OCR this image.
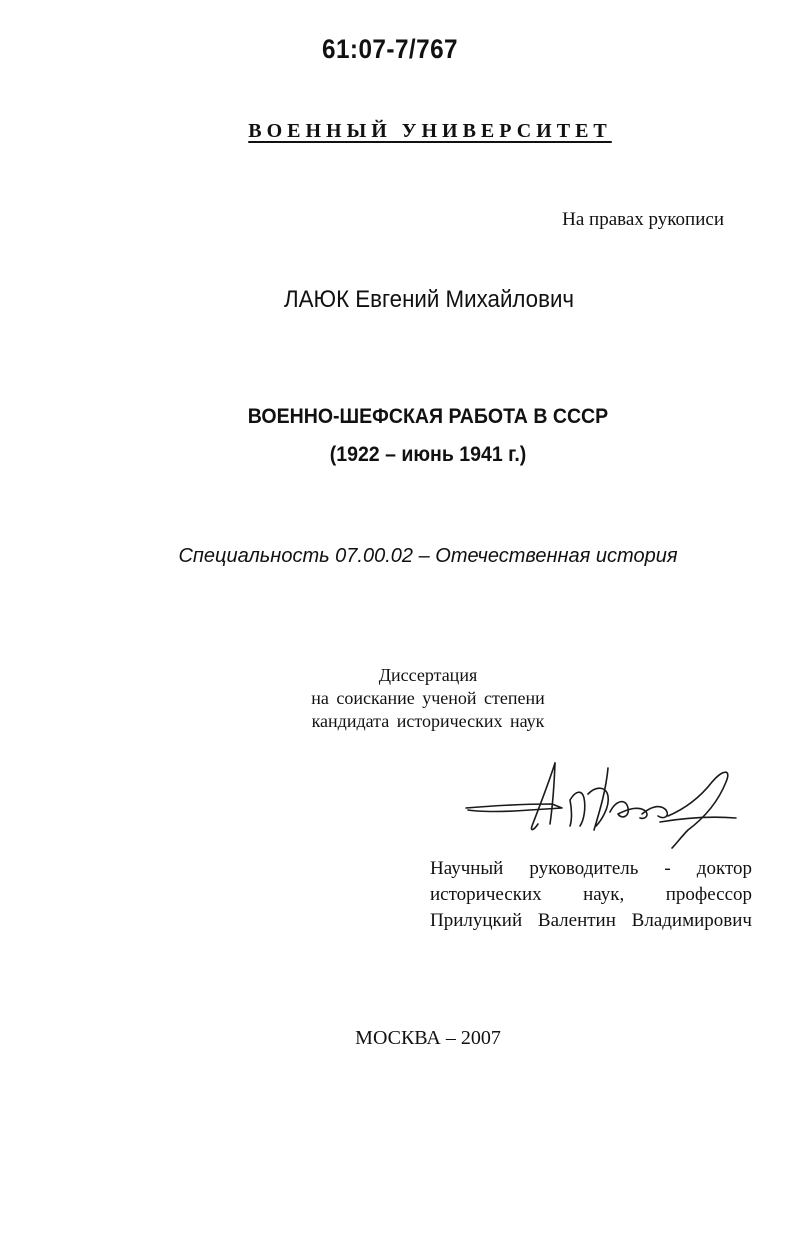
61:07-7/767
ВОЕННЫЙ УНИВЕРСИТЕТ
На правах рукописи
ЛАЮК Евгений Михайлович
ВОЕННО-ШЕФСКАЯ РАБОТА В СССР
(1922 – июнь 1941 г.)
Специальность 07.00.02 – Отечественная история
Диссертация
на соискание ученой степени
кандидата исторических наук
Научный руководитель - доктор
исторических наук, профессор
Прилуцкий Валентин Владимирович
МОСКВА – 2007
